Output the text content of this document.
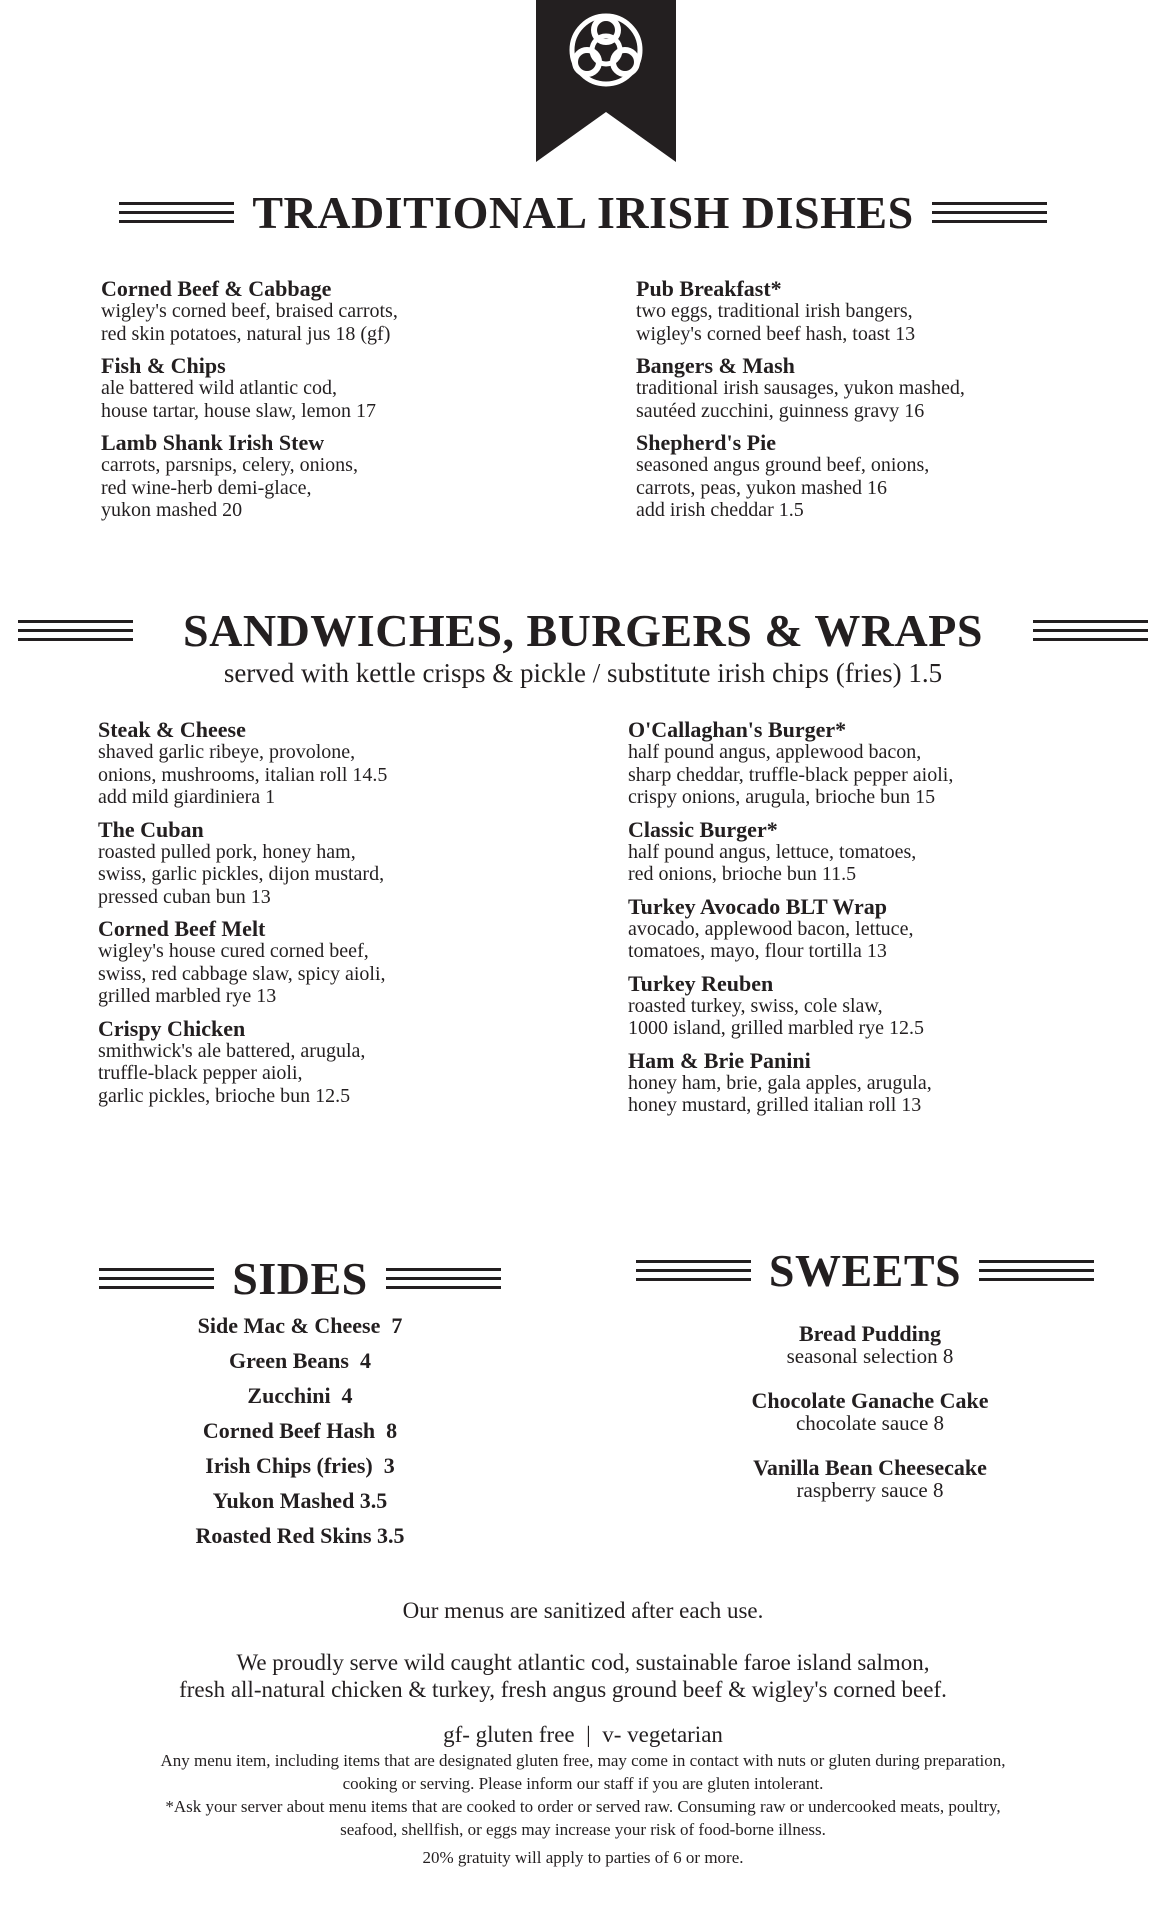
TRADITIONAL IRISH DISHES
Corned Beef & Cabbage
wigley's corned beef, braised carrots,
red skin potatoes, natural jus 18 (gf)
Fish & Chips
ale battered wild atlantic cod,
house tartar, house slaw, lemon 17
Lamb Shank Irish Stew
carrots, parsnips, celery, onions,
red wine-herb demi-glace,
yukon mashed 20
Pub Breakfast*
two eggs, traditional irish bangers,
wigley's corned beef hash, toast 13
Bangers & Mash
traditional irish sausages, yukon mashed,
sautéed zucchini, guinness gravy 16
Shepherd's Pie
seasoned angus ground beef, onions,
carrots, peas, yukon mashed 16
add irish cheddar 1.5
SANDWICHES, BURGERS & WRAPS
served with kettle crisps & pickle / substitute irish chips (fries) 1.5
Steak & Cheese
shaved garlic ribeye, provolone,
onions, mushrooms, italian roll 14.5
add mild giardiniera 1
The Cuban
roasted pulled pork, honey ham,
swiss, garlic pickles, dijon mustard,
pressed cuban bun 13
Corned Beef Melt
wigley's house cured corned beef,
swiss, red cabbage slaw, spicy aioli,
grilled marbled rye 13
Crispy Chicken
smithwick's ale battered, arugula,
truffle-black pepper aioli,
garlic pickles, brioche bun 12.5
O'Callaghan's Burger*
half pound angus, applewood bacon,
sharp cheddar, truffle-black pepper aioli,
crispy onions, arugula, brioche bun 15
Classic Burger*
half pound angus, lettuce, tomatoes,
red onions, brioche bun 11.5
Turkey Avocado BLT Wrap
avocado, applewood bacon, lettuce,
tomatoes, mayo, flour tortilla 13
Turkey Reuben
roasted turkey, swiss, cole slaw,
1000 island, grilled marbled rye 12.5
Ham & Brie Panini
honey ham, brie, gala apples, arugula,
honey mustard, grilled italian roll 13
SIDES
Side Mac & Cheese  7
Green Beans  4
Zucchini  4
Corned Beef Hash  8
Irish Chips (fries)  3
Yukon Mashed 3.5
Roasted Red Skins 3.5
SWEETS
Bread Pudding
seasonal selection 8
Chocolate Ganache Cake
chocolate sauce 8
Vanilla Bean Cheesecake
raspberry sauce 8
Our menus are sanitized after each use.
We proudly serve wild caught atlantic cod, sustainable faroe island salmon,
fresh all-natural chicken & turkey, fresh angus ground beef & wigley's corned beef.
gf- gluten free  |  v- vegetarian
Any menu item, including items that are designated gluten free, may come in contact with nuts or gluten during preparation,
cooking or serving. Please inform our staff if you are gluten intolerant.
*Ask your server about menu items that are cooked to order or served raw. Consuming raw or undercooked meats, poultry,
seafood, shellfish, or eggs may increase your risk of food-borne illness.
20% gratuity will apply to parties of 6 or more.
